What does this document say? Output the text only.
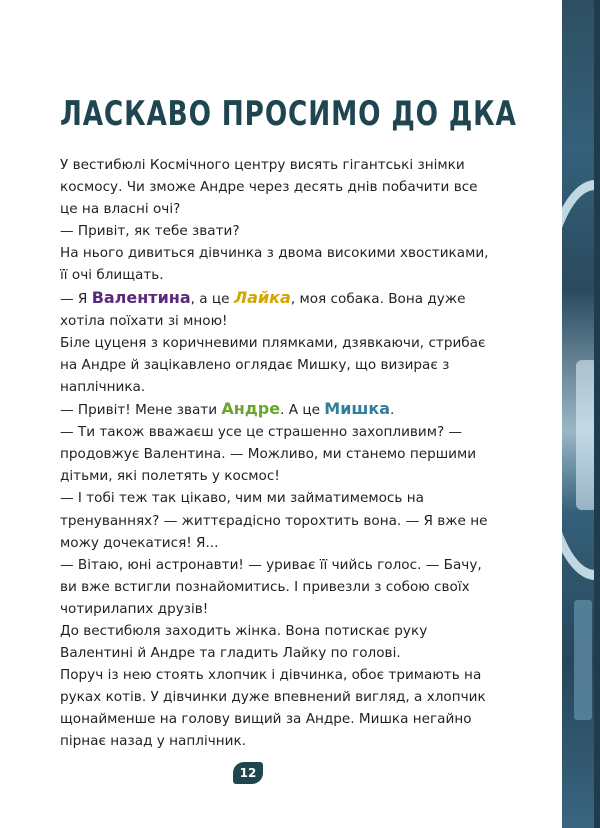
ЛАСКАВО ПРОСИМО ДО ДКА

У вестибюлі Космічного центру висять гігантські знімки космосу. Чи зможе Андре через десять днів побачити все це на власні очі?

— Привіт, як тебе звати?

На нього дивиться дівчинка з двома високими хвостиками, її очі блищать.

— Я Валентина, а це Лайка, моя собака. Вона дуже хотіла поїхати зі мною!

Біле цуценя з коричневими плямками, дзявкаючи, стрибає на Андре й зацікавлено оглядає Мишку, що визирає з наплічника.

— Привіт! Мене звати Андре. А це Мишка.

— Ти також вважаєш усе це страшенно захопливим? — продовжує Валентина. — Можливо, ми станемо першими дітьми, які полетять у космос!

— І тобі теж так цікаво, чим ми займатимемось на тренуваннях? — життєрадісно торохтить вона. — Я вже не можу дочекатися! Я...

— Вітаю, юні астронавти! — уриває її чийсь голос. — Бачу, ви вже встигли познайомитись. І привезли з собою своїх чотирилапих друзів!

До вестибюля заходить жінка. Вона потискає руку Валентині й Андре та гладить Лайку по голові.

Поруч із нею стоять хлопчик і дівчинка, обоє тримають на руках котів. У дівчинки дуже впевнений вигляд, а хлопчик щонайменше на голову вищий за Андре. Мишка негайно пірнає назад у наплічник.

12
